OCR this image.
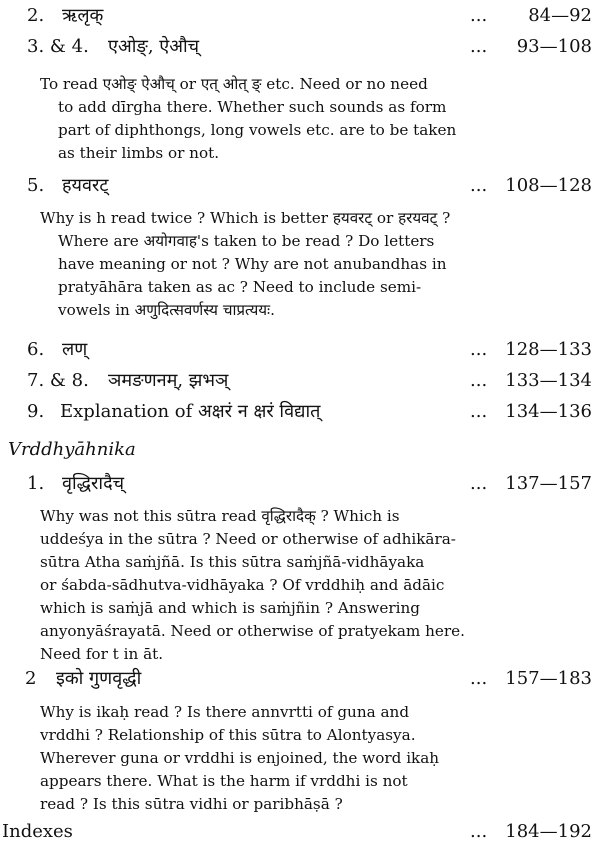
2. ऋलृक्	... 84—92
3. & 4. एओङ्, ऐऔच्	... 93—108

To read एओङ् ऐऔच् or एत् ओत् ङ् etc. Need or no need

to add dīrgha there. Whether such sounds as form

part of diphthongs, long vowels etc. are to be taken

as their limbs or not.

5. हयवरट्	... 108—128

Why is h read twice ? Which is better हयवरट् or हरयवट् ?

Where are अयोगवाह's taken to be read ? Do letters

have meaning or not ? Why are not anubandhas in

pratyāhāra taken as ac ? Need to include semi-

vowels in अणुदित्सवर्णस्य चाप्रत्ययः.

6. लण्	... 128—133
7. & 8. ञमङणनम्, झभञ्	... 133—134
9. Explanation of अक्षरं न क्षरं विद्यात्	... 134—136
Vrddhyāhnika
1. वृद्धिरादैच्	... 137—157

Why was not this sūtra read वृद्धिरादैक् ? Which is

uddeśya in the sūtra ? Need or otherwise of adhikāra-

sūtra Atha saṁjñā. Is this sūtra saṁjñā-vidhāyaka

or śabda-sādhutva-vidhāyaka ? Of vrddhiḥ and ādāic

which is saṁjā and which is saṁjñin ? Answering

anyonyāśrayatā. Need or otherwise of pratyekam here.

Need for t in āt.

2 इको गुणवृद्धी	... 157—183

Why is ikaḥ read ? Is there annvrtti of guna and

vrddhi ? Relationship of this sūtra to Alontyasya.

Wherever guna or vrddhi is enjoined, the word ikaḥ

appears there. What is the harm if vrddhi is not

read ? Is this sūtra vidhi or paribhāṣā ?

Indexes	... 184—192
